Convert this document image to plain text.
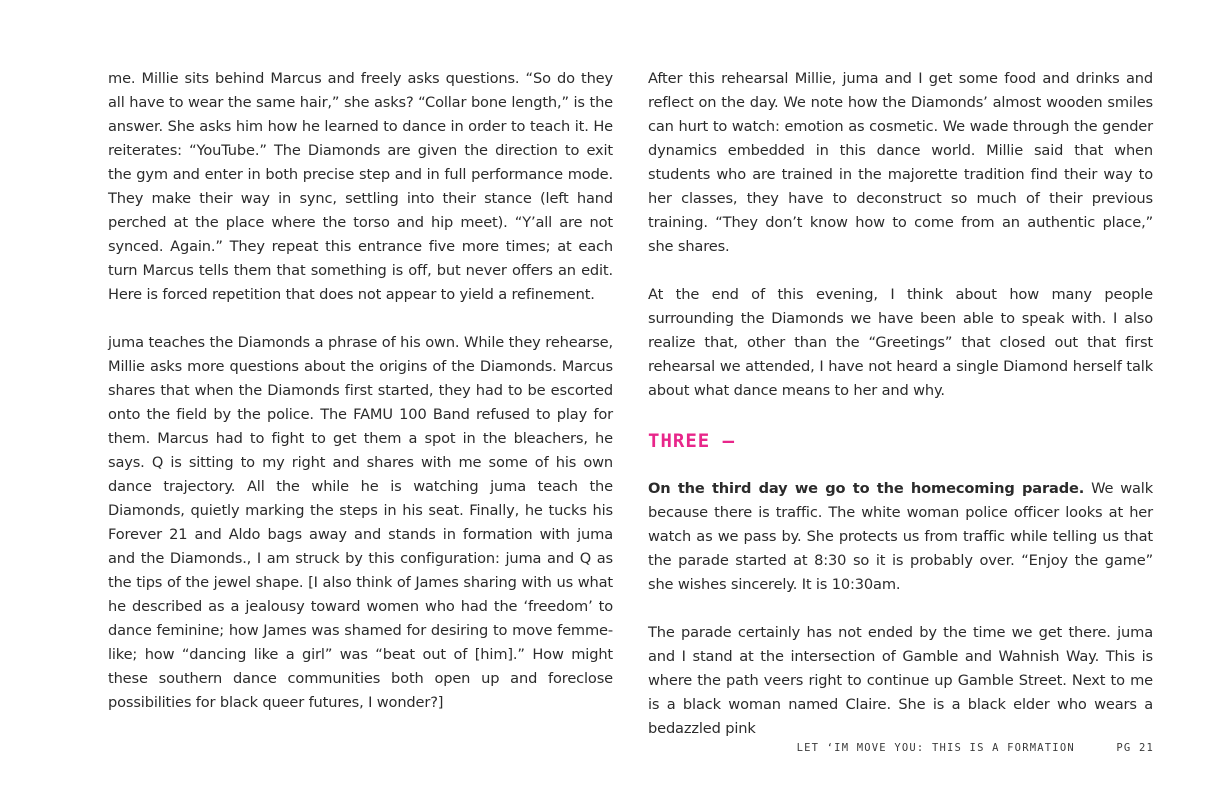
me. Millie sits behind Marcus and freely asks questions. “So do they all have to wear the same hair,” she asks? “Collar bone length,” is the answer. She asks him how he learned to dance in order to teach it. He reiterates: “YouTube.” The Diamonds are given the direction to exit the gym and enter in both precise step and in full performance mode. They make their way in sync, settling into their stance (left hand perched at the place where the torso and hip meet). “Y’all are not synced. Again.” They repeat this entrance five more times; at each turn Marcus tells them that something is off, but never offers an edit. Here is forced repetition that does not appear to yield a refinement.

juma teaches the Diamonds a phrase of his own. While they rehearse, Millie asks more questions about the origins of the Diamonds. Marcus shares that when the Diamonds first started, they had to be escorted onto the field by the police. The FAMU 100 Band refused to play for them. Marcus had to fight to get them a spot in the bleachers, he says. Q is sitting to my right and shares with me some of his own dance trajectory. All the while he is watching juma teach the Diamonds, quietly marking the steps in his seat. Finally, he tucks his Forever 21 and Aldo bags away and stands in formation with juma and the Diamonds., I am struck by this configuration: juma and Q as the tips of the jewel shape. [I also think of James sharing with us what he described as a jealousy toward women who had the ‘freedom’ to dance feminine; how James was shamed for desiring to move femme-like; how “dancing like a girl” was “beat out of [him].” How might these southern dance communities both open up and foreclose possibilities for black queer futures, I wonder?]

After this rehearsal Millie, juma and I get some food and drinks and reflect on the day. We note how the Diamonds’ almost wooden smiles can hurt to watch: emotion as cosmetic. We wade through the gender dynamics embedded in this dance world. Millie said that when students who are trained in the majorette tradition find their way to her classes, they have to deconstruct so much of their previous training. “They don’t know how to come from an authentic place,” she shares.

At the end of this evening, I think about how many people surrounding the Diamonds we have been able to speak with. I also realize that, other than the “Greetings” that closed out that first rehearsal we attended, I have not heard a single Diamond herself talk about what dance means to her and why.

THREE –

On the third day we go to the homecoming parade. We walk because there is traffic. The white woman police officer looks at her watch as we pass by. She protects us from traffic while telling us that the parade started at 8:30 so it is probably over. “Enjoy the game” she wishes sincerely. It is 10:30am.

The parade certainly has not ended by the time we get there. juma and I stand at the intersection of Gamble and Wahnish Way. This is where the path veers right to continue up Gamble Street. Next to me is a black woman named Claire. She is a black elder who wears a bedazzled pink

LET ‘IM MOVE YOU: THIS IS A FORMATION	PG 21
